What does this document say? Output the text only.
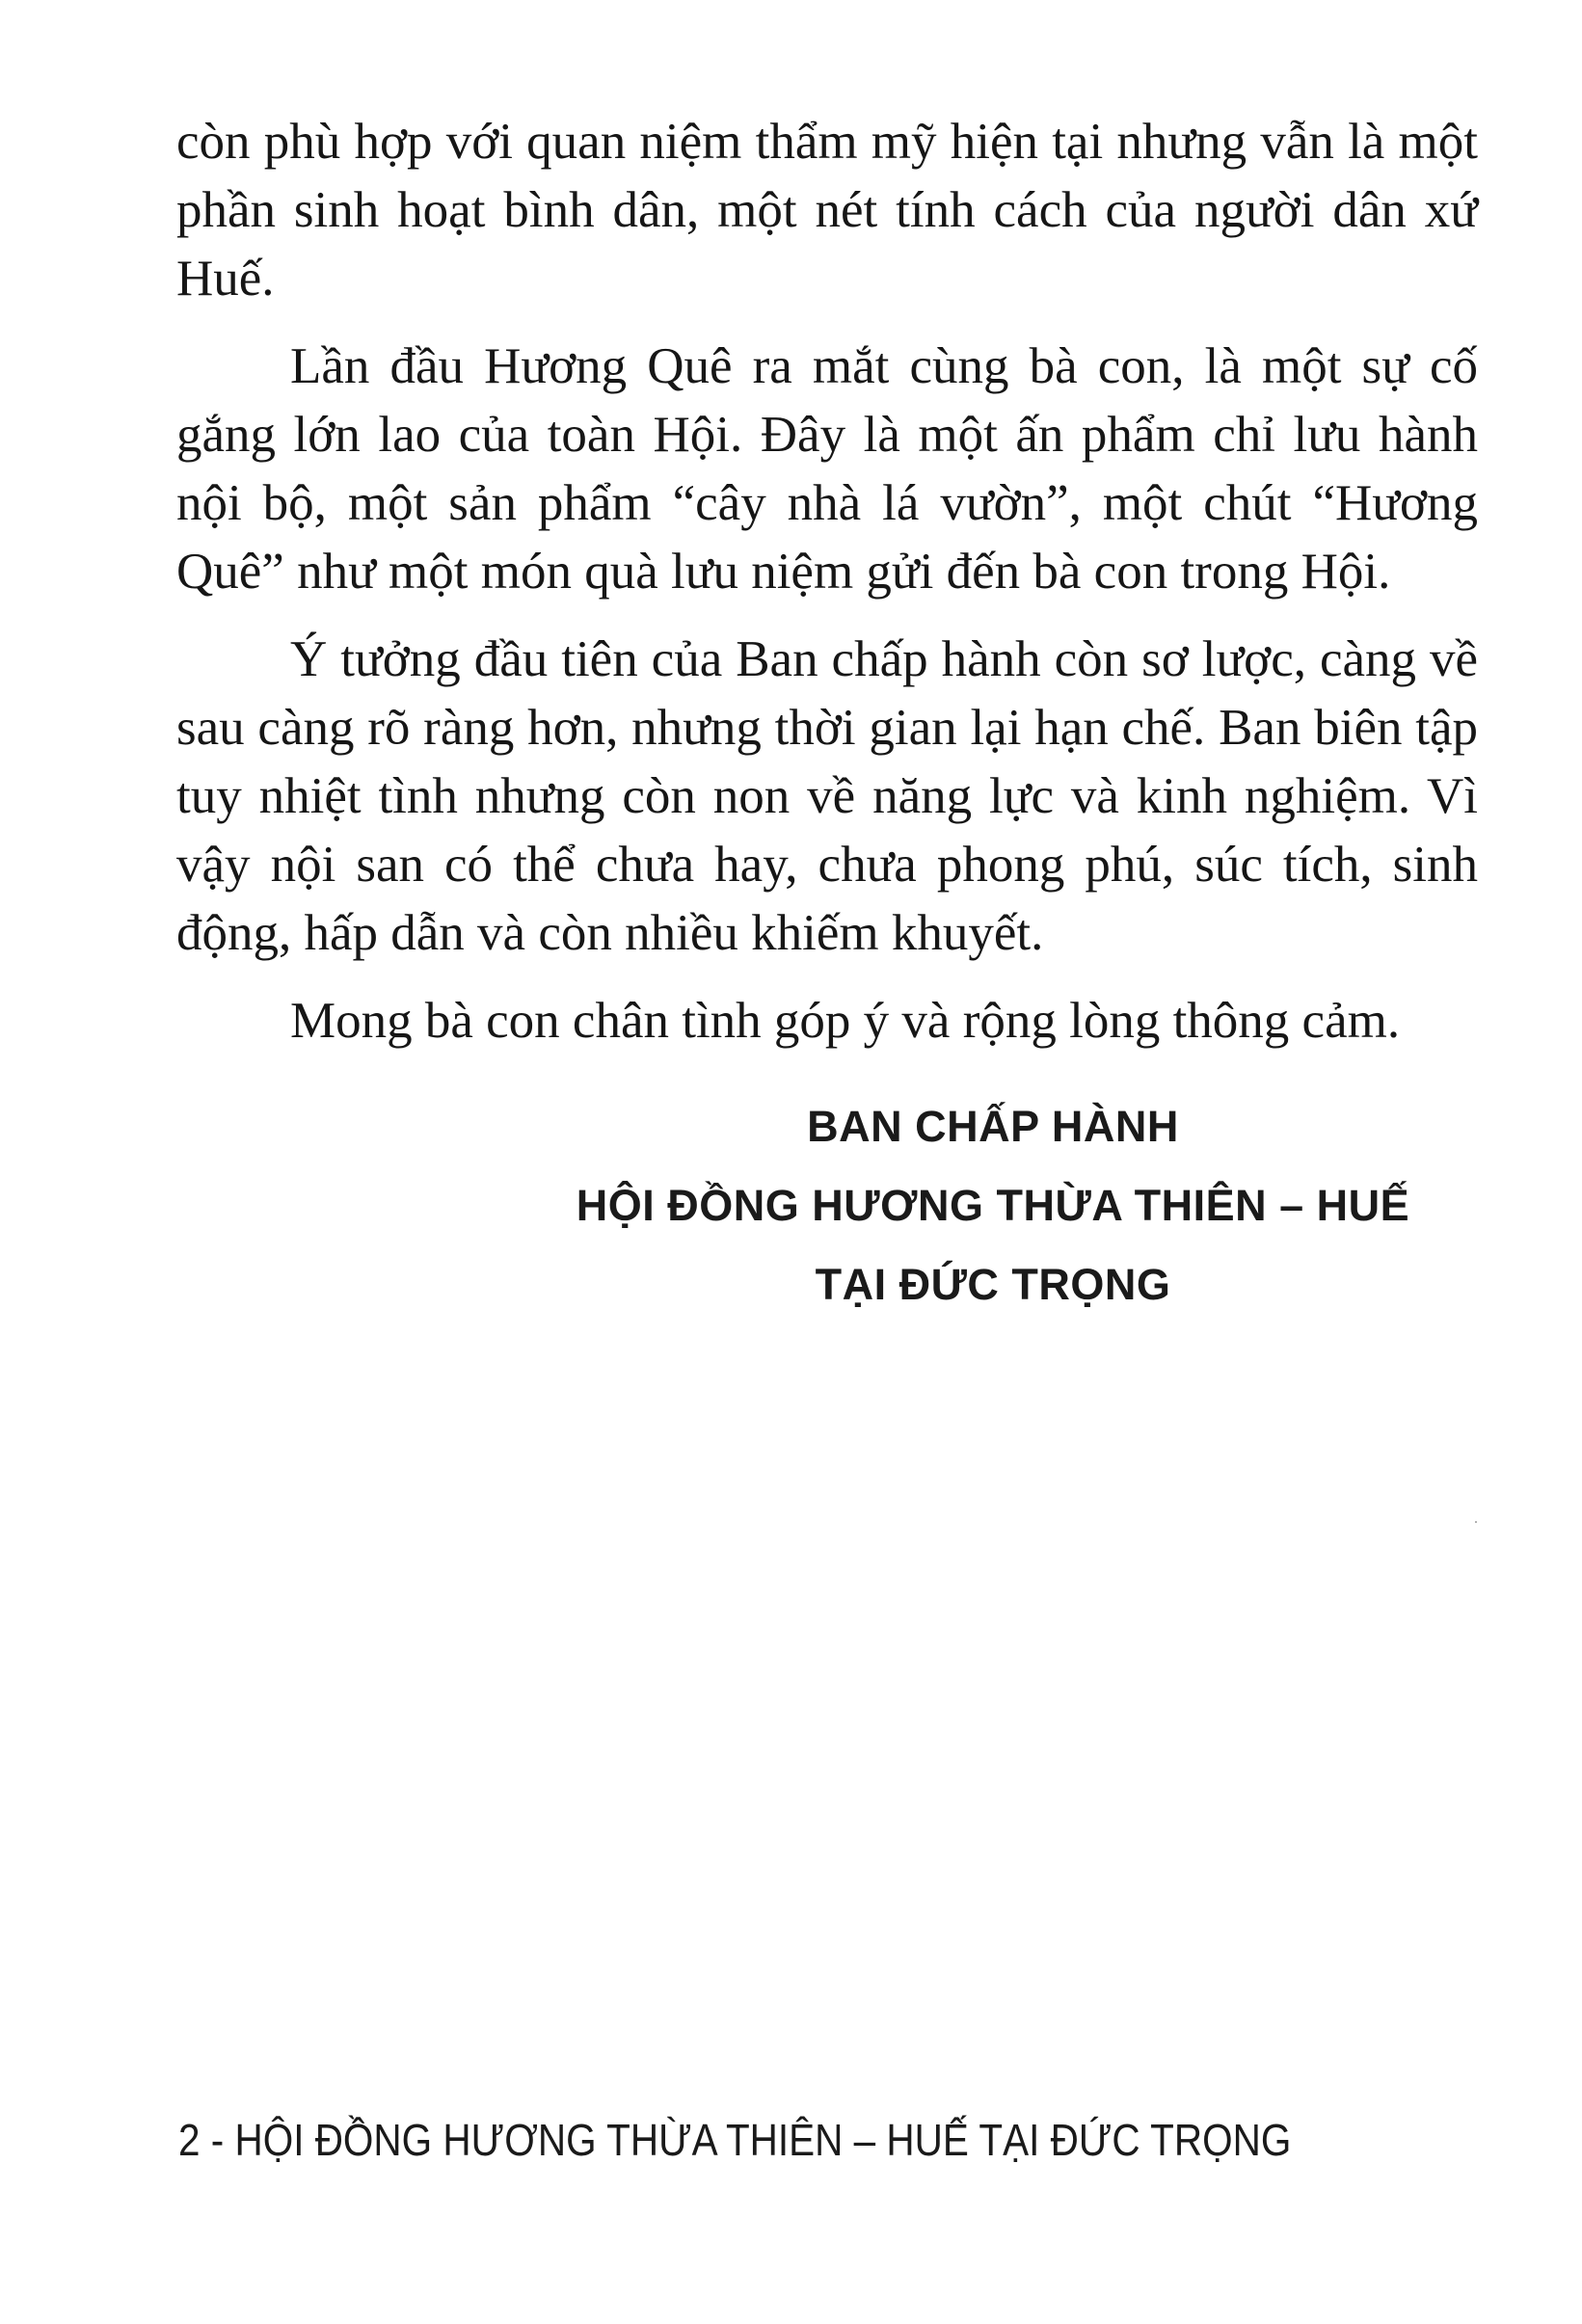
còn phù hợp với quan niệm thẩm mỹ hiện tại nhưng vẫn là một phần sinh hoạt bình dân, một nét tính cách của người dân xứ Huế.

Lần đầu Hương Quê ra mắt cùng bà con, là một sự cố gắng lớn lao của toàn Hội. Đây là một ấn phẩm chỉ lưu hành nội bộ, một sản phẩm “cây nhà lá vườn”, một chút “Hương Quê” như một món quà lưu niệm gửi đến bà con trong Hội.

Ý tưởng đầu tiên của Ban chấp hành còn sơ lược, càng về sau càng rõ ràng hơn, nhưng thời gian lại hạn chế. Ban biên tập tuy nhiệt tình nhưng còn non về năng lực và kinh nghiệm. Vì vậy nội san có thể chưa hay, chưa phong phú, súc tích, sinh động, hấp dẫn và còn nhiều khiếm khuyết.

Mong bà con chân tình góp ý và rộng lòng thông cảm.

BAN CHẤP HÀNH
HỘI ĐỒNG HƯƠNG THỪA THIÊN – HUẾ
TẠI ĐỨC TRỌNG
2 - HỘI ĐỒNG HƯƠNG THỪA THIÊN – HUẾ TẠI ĐỨC TRỌNG
